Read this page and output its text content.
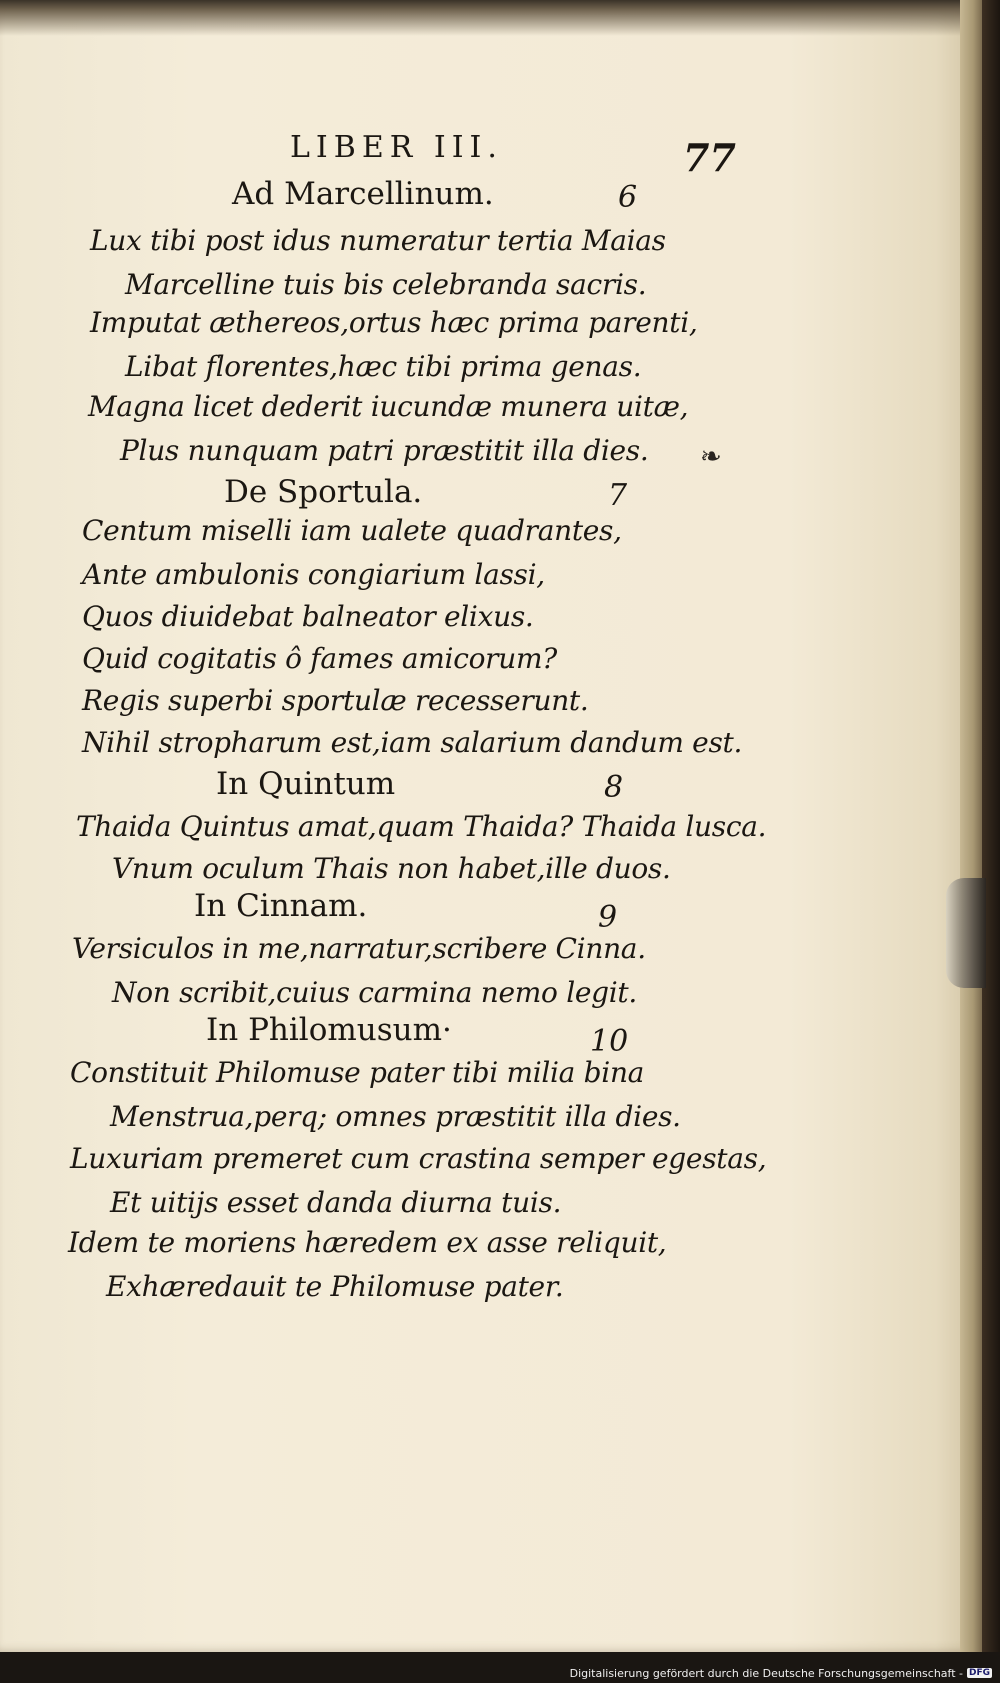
LIBER III.	77
Ad Marcellinum.	6
Lux tibi post idus numeratur tertia Maias
Marcelline tuis bis celebranda sacris.
Imputat æthereos,ortus hæc prima parenti,
Libat florentes,hæc tibi prima genas.
Magna licet dederit iucundæ munera uitæ,
Plus nunquam patri præstitit illa dies. ❧
De Sportula.	7
Centum miselli iam ualete quadrantes,
Ante ambulonis congiarium lassi,
Quos diuidebat balneator elixus.
Quid cogitatis ô fames amicorum?
Regis superbi sportulæ recesserunt.
Nihil stropharum est,iam salarium dandum est.
In Quintum	8
Thaida Quintus amat,quam Thaida? Thaida lusca.
Vnum oculum Thais non habet,ille duos.
In Cinnam.	9
Versiculos in me,narratur,scribere Cinna.
Non scribit,cuius carmina nemo legit.
In Philomusum·	10
Constituit Philomuse pater tibi milia bina
Menstrua,perq; omnes præstitit illa dies.
Luxuriam premeret cum crastina semper egestas,
Et uitijs esset danda diurna tuis.
Idem te moriens hæredem ex asse reliquit,
Exhæredauit te Philomuse pater.
Digitalisierung gefördert durch die Deutsche Forschungsgemeinschaft - DFG
